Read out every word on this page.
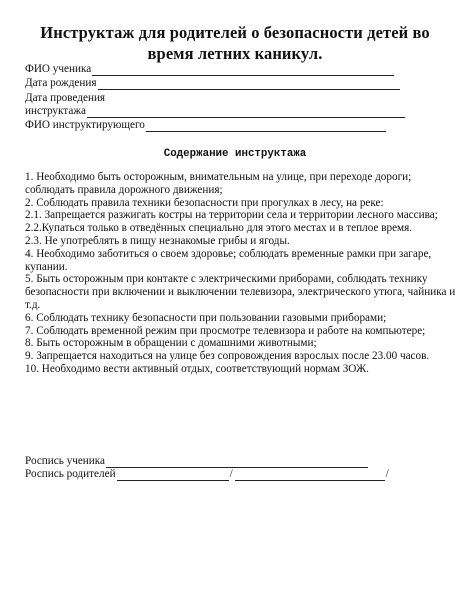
Инструктаж для родителей о безопасности детей во
время летних каникул.
ФИО ученика
Дата рождения
Дата проведения
инструктажа
ФИО инструктирующего
Содержание инструктажа

1. Необходимо быть осторожным, внимательным на улице, при переходе дороги; соблюдать правила дорожного движения;

2. Соблюдать правила техники безопасности при прогулках в лесу, на реке:

2.1. Запрещается разжигать костры на территории села и территории лесного массива;

2.2.Купаться только в отведённых специально для этого местах и в теплое время.

2.3. Не употреблять в пищу незнакомые грибы и ягоды.

4. Необходимо заботиться о своем здоровье; соблюдать временные рамки при загаре, купании.

5. Быть осторожным при контакте с электрическими приборами, соблюдать технику безопасности при включении и выключении телевизора, электрического утюга, чайника и т.д.

6. Соблюдать технику безопасности при пользовании газовыми приборами;

7. Соблюдать временной режим при просмотре телевизора и работе на компьютере;

8. Быть осторожным в обращении с домашними животными;

9. Запрещается находиться на улице без сопровождения взрослых после 23.00 часов.

10. Необходимо вести активный отдых, соответствующий нормам ЗОЖ.

Роспись ученика
Роспись родителей	/	/
